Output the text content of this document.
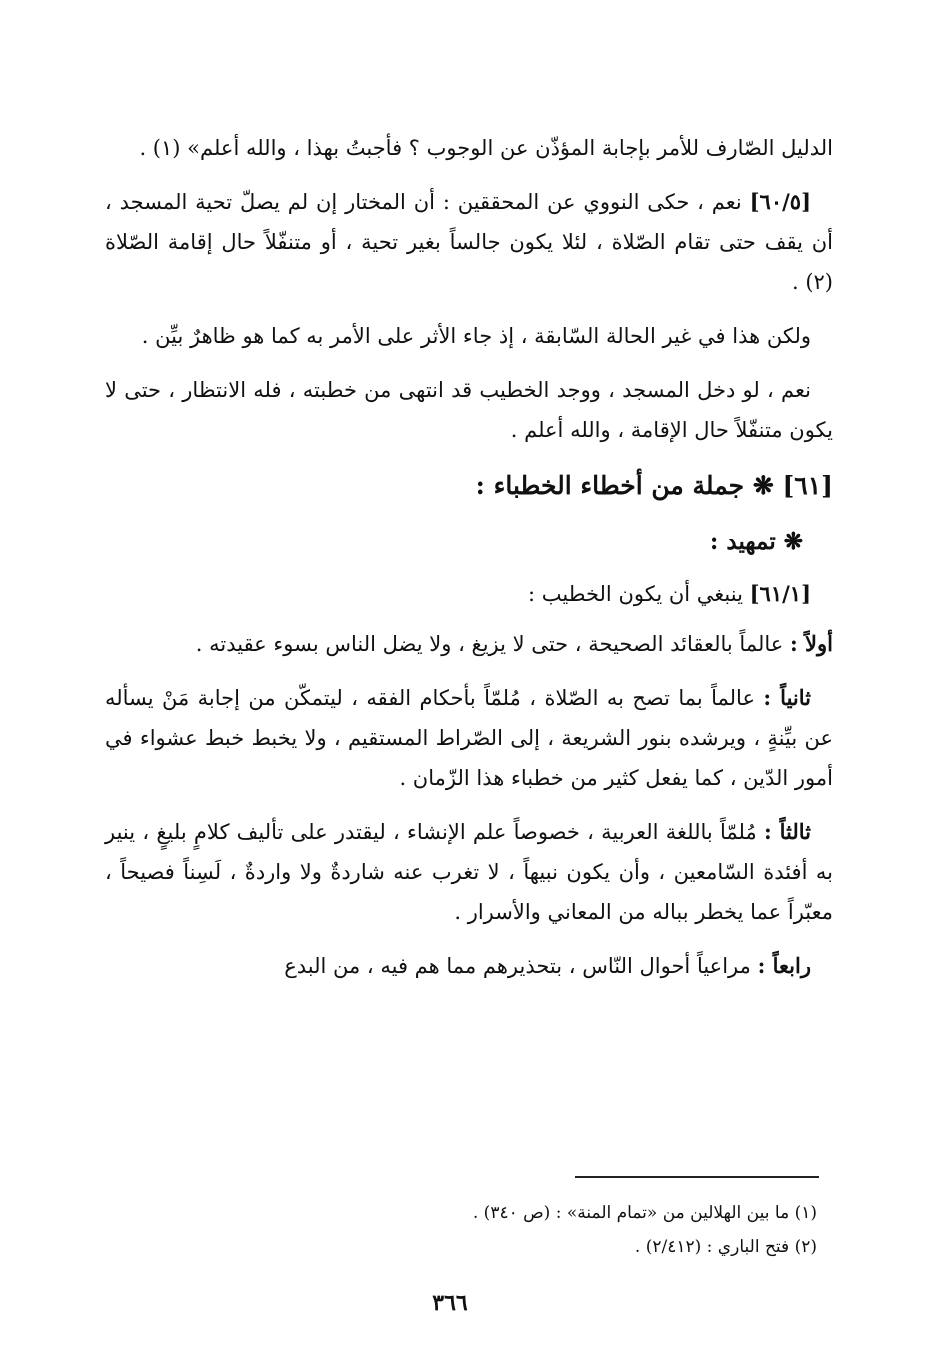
الدليل الصّارف للأمر بإجابة المؤذّن عن الوجوب ؟ فأجبتُ بهذا ، والله أعلم» (١) .

[٦٠/٥] نعم ، حكى النووي عن المحققين : أن المختار إن لم يصلّ تحية المسجد ، أن يقف حتى تقام الصّلاة ، لئلا يكون جالساً بغير تحية ، أو متنفّلاً حال إقامة الصّلاة (٢) .

ولكن هذا في غير الحالة السّابقة ، إذ جاء الأثر على الأمر به كما هو ظاهرٌ بيِّن .

نعم ، لو دخل المسجد ، ووجد الخطيب قد انتهى من خطبته ، فله الانتظار ، حتى لا يكون متنفّلاً حال الإقامة ، والله أعلم .

[٦١] ❋ جملة من أخطاء الخطباء :
❋ تمهيد :

[٦١/١] ينبغي أن يكون الخطيب :

أولاً : عالماً بالعقائد الصحيحة ، حتى لا يزيغ ، ولا يضل الناس بسوء عقيدته .

ثانياً : عالماً بما تصح به الصّلاة ، مُلمّاً بأحكام الفقه ، ليتمكّن من إجابة مَنْ يسأله عن بيِّنةٍ ، ويرشده بنور الشريعة ، إلى الصّراط المستقيم ، ولا يخبط خبط عشواء في أمور الدّين ، كما يفعل كثير من خطباء هذا الزّمان .

ثالثاً : مُلمّاً باللغة العربية ، خصوصاً علم الإنشاء ، ليقتدر على تأليف كلامٍ بليغٍ ، ينير به أفئدة السّامعين ، وأن يكون نبيهاً ، لا تغرب عنه شاردةٌ ولا واردةٌ ، لَسِناً فصيحاً ، معبّراً عما يخطر بباله من المعاني والأسرار .

رابعاً : مراعياً أحوال النّاس ، بتحذيرهم مما هم فيه ، من البدع

(١) ما بين الهلالين من «تمام المنة» : (ص ٣٤٠) .
(٢) فتح الباري : (٢/٤١٢) .
٣٦٦
